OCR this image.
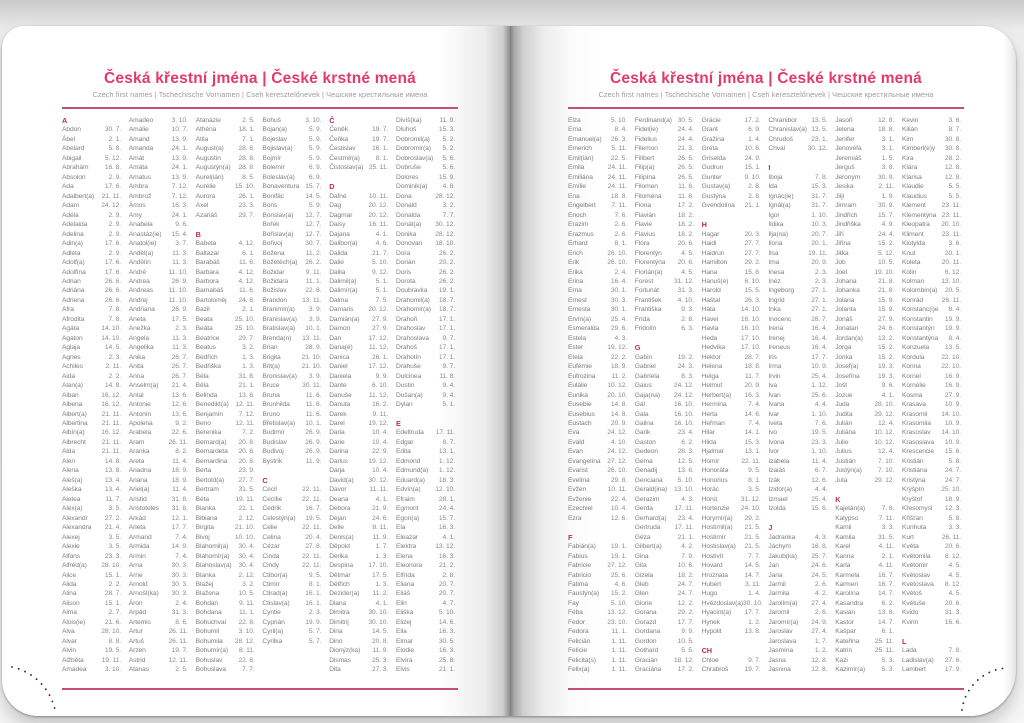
Česká křestní jména | České krstné mená
Czech first names | Tschechische Vornamen | Cseh keresztelőnevek | Чешские крестильные имена
A
Abdon	30. 7.
Ábel	2. 1.
Abelard	5. 8.
Abigail	5. 12.
Abrahám 16. 8.
Absolon	2. 9.
Ada	17. 6.
Adalbert(a) 21. 11.
Adam	24. 12.
Adéla	2. 9.
Adelaida	2. 9.
Adelina	2. 9.
Adin(a)	17. 6.
Adléta	2. 9.
Adolf(a)	17. 6.
Adolfína	17. 6.
Adrian	26. 6.
Adriána	26. 6.
Adriena	26. 6.
Afra	7. 8.
Afrodita	7. 8.
Agáta	14. 10.
Agaton	14. 10.
Aglaja	14. 5.
Agnes	2. 3.
Achiles	2. 11.
Aida	2. 2.
Alan(a)	14. 8.
Alban	16. 12.
Albena	16. 12.
Albert(a) 21. 11.
Albertina 21. 11.
Albín(a) 16. 12.
Albrecht 21. 11.
Alda	21. 11.
Alen	14. 8.
Alena	13. 8.
Aleš(a)	13. 4.
Aleška	13. 4.
Aletea	11. 7.
Alex(a)	3. 5.
Alexandr	27. 2.
Alexandra 21. 4.
Alexej	3. 5.
Alexie	3. 5.
Alfons	23. 3.
Alfréd(a) 28. 10.
Alice	15. 1.
Alida	2. 2.
Alina	28. 7.
Alison	15. 1.
Alma	2. 7.
Alois(ie)	21. 6.
Alva	28. 10.
Alvar	8. 8.
Alvin	19. 5.
Alžběta	19. 11.
Amadea	3. 10.
Amadeo	3. 10.
Amálie	10. 7.
Amand	13. 9.
Amanda	24. 1.
Amát	13. 9.
Amáta	24. 1.
Amatus	13. 9.
Ambra	7. 12.
Ambrož	7. 12.
Ámos	16. 3.
Amy	24. 1.
Anabela	9. 6.
Anastáz(ie) 15. 4.
Anatol(ie)	3. 7.
Anděl(a)	11. 3.
Andělín	11. 3.
André	11. 10.
Andrea	26. 9.
Andreas 11. 10.
Andrej	11. 10.
Andriana	26. 9.
Aneta	17. 5.
Anežka	2. 3.
Angela	11. 3.
Angelika	11. 3.
Anika	26. 7.
Anita	26. 7.
Anna	26. 7.
Anselm(a) 21. 4.
Antal	13. 6.
Antonie	12. 6.
Antonín	13. 6.
Apolena	9. 2.
Arabela	22. 6.
Aram	26. 11.
Aranka	8. 2.
Areta	11. 4.
Ariadna	18. 9.
Ariana	18. 9.
Ariel(a)	11. 4.
Aristid	31. 8.
Aristoteles 31. 8.
Arkád	12. 1.
Arleta	17. 7.
Armand	7. 4.
Armida	14. 9.
Armin	7. 4.
Arna	30. 3.
Arne	30. 3.
Arnold	30. 3.
Arnošt(ka) 30. 3.
Áron	2. 4.
Arpád	31. 3.
Artemis	8. 6.
Artur	26. 11.
Artuš	26. 11.
Arzen	19. 7.
Astrid	12. 11.
Atanas	2. 5.
Atanázie	2. 5.
Athéna	18. 1.
Atila	7. 1.
August(a) 28. 8.
Augustin	28. 8.
Augustýn(a) 28. 8.
Aurel(ián)	8. 5.
Aurélie	15. 10.
Aurora	26. 1.
Axel	23. 3.
Azariáš	29. 7.
B
Babeta	4. 12.
Baltazar	6. 1.
Barabáš	11. 6.
Barbara	4. 12.
Barbora	4. 12.
Barnabáš 11. 6.
Bartoloměj 24. 8.
Bazil	2. 1.
Beata	25. 10.
Beáta	25. 10.
Beatrice	29. 7.
Beatus	3. 2.
Bedřich	1. 3.
Bedřiška	1. 3.
Béla	31. 8.
Běla	21. 1.
Belinda	13. 8.
Benedikt(a) 12. 11.
Benjamín 7. 12.
Beno	12. 11.
Berenika	7. 2.
Bernard(a) 20. 8.
Bernardeta 20. 8.
Bernardina 20. 8.
Berta	23. 9.
Bertold(a) 27. 7.
Bertram	31. 5.
Běta	19. 11.
Bianka	21. 1.
Bibiana	2. 12.
Birgita	21. 10.
Bivoj	10. 10.
Blahomil(a) 30. 4.
Blahomír(a) 30. 4.
Blahoslav(a) 30. 4.
Blanka	2. 12.
Blažej	3. 2.
Blažena	10. 5.
Bohdan	9. 11.
Bohdana	11. 1.
Bohuchval 22. 8.
Bohumil	3. 10.
Bohumila 28. 12.
Bohumír(a) 8. 11.
Bohuslav 22. 8.
Bohuslava 7. 7.
Bohuš	3. 10.
Bojan(a)	5. 9.
Bojeslav	5. 9.
Bojislav(a) 5. 9.
Bojmír	5. 9.
Bolemír	6. 9.
Boleslav(a) 6. 9.
Bonaventura 15. 7.
Bonifác	14. 5.
Boris	5. 9.
Borislav(a) 12. 7.
Bořek	12. 7.
Bořislav(a) 12. 7.
Bořivoj	30. 7.
Božena	11. 2.
Božetěch(a) 26. 2.
Božidar	9. 11.
Božidara	11. 1.
Božislav	22. 8.
Brandon 13. 11.
Branimír(a) 3. 9.
Branislav(a) 3. 9.
Bratislav(a) 10. 1.
Brenda(n) 13. 11.
Brian	28. 9.
Brigita	21. 10.
Brit(a)	21. 10.
Bronislav(a) 3. 9.
Bruce	30. 11.
Bruna	11. 6.
Brunhilda 11. 6.
Bruno	11. 6.
Břetislav(a) 10. 1.
Budimír	26. 9.
Budislav	26. 9.
Budivoj	26. 9.
Bystrík	11. 9.
C
Cecil	22. 11.
Cecílie	22. 11.
Cedrik	16. 7.
Celestýn(a) 19. 5.
Celie	22. 11.
Celina	20. 4.
Cézar	27. 8.
Cinda	22. 11.
Cindy	22. 11.
Ctibor(a)	9. 5.
Ctimír	8. 1.
Ctirad(a)	16. 1.
Ctislav(a) 16. 1.
Cyntie	2. 3.
Cyprián	19. 9.
Cyril(a)	5. 7.
Cyrilka	5. 7.
Č
Čeněk	19. 7.
Čeňka	19. 7.
Čestislav 16. 1.
Čestmír(a) 8. 1.
Čistoslav(a) 25. 11.
D
Dafné	10. 11.
Dag	20. 12.
Dagmar 20. 12.
Daisy	16. 11.
Dajana	4. 1.
Dalibor(a)	4. 6.
Dalida	21. 7.
Dalie	5. 10.
Dalila	9. 12.
Dalimil(a)	5. 1.
Dalimír(a)	5. 1.
Dalma	7. 5.
Damaris 20. 12.
Damián(a) 27. 9.
Damon	27. 9.
Dan	17. 12.
Dana(é) 11. 12.
Danica	26. 1.
Daniel	17. 12.
Daniela	9. 9.
Dante	6. 10.
Danuše	11. 12.
Danuta	16. 2.
Darek	9. 11.
Darel	19. 12.
Daria	10. 4.
Darie	10. 4.
Darina	22. 9.
Darius	19. 12.
Darja	10. 4.
David(a) 30. 12.
Davor	11. 11.
Deana	4. 1.
Debora	21. 9.
Dejan	24. 6.
Delie	8. 11.
Denis(a)	11. 9.
Děpold	1. 7.
Derika	1. 3.
Despina 17. 10.
Dětmar	17. 5.
Dětřich	1. 3.
Dezider(a) 11. 2.
Diana	4. 1.
Dimitra	30. 10.
Dimitrij	30. 10.
Dina	14. 5.
Dino	20. 8.
Dionýz(ka) 11. 9.
Dismas	25. 3.
Dita	27. 3.
Divíš(ka)	11. 9.
Dluhoš	15. 3.
Dobromil(a) 5. 2.
Dobromír(a) 5. 2.
Dobroslav(a) 5. 6.
Dobruše	5. 6.
Dolores	15. 9.
Dominik(a) 4. 8.
Dona	28. 12.
Donald	3. 2.
Donalda	7. 7.
Donát(a) 30. 12.
Donika	28. 12.
Donovan 18. 10.
Dora	26. 2.
Dorián	20. 2.
Doris	26. 2.
Dorota	26. 2.
Doubravka 19. 1.
Drahomil(a) 18. 7.
Drahomír(a) 18. 7.
Drahoň	17. 1.
Drahoslav 17. 1.
Drahoslava 9. 7.
Drahoš	17. 1.
Drahotín	17. 1.
Drahuše	9. 7.
Dulcinea	11. 8.
Dustin	9. 4.
Dušan(a)	9. 4.
Dylan	5. 1.
E
Edeltruda 17. 11.
Edgar	8. 7.
Edita	13. 1.
Edmond	1. 12.
Edmund(a) 1. 12.
Eduard(a) 18. 3.
Edvín(a) 12. 10.
Efraim	28. 1.
Egmont	24. 4.
Egon(a)	15. 7.
Ela	16. 3.
Eleazar	4. 1.
Elektra	13. 12.
Elena	16. 3.
Eleonora	21. 2.
Elfrída	2. 8.
Eliana	20. 7.
Eliáš	20. 7.
Elin	4. 7.
Eliška	5. 10.
Elizej	14. 6.
Ella	16. 3.
Elmar	30. 5.
Elodie	16. 3.
Elvíra	25. 8.
Elvis	21. 1.
Česká křestní jména | České krstné mená
Czech first names | Tschechische Vornamen | Cseh keresztelőnevek | Чешские крестильные имена
Elza	5. 10.
Ema	8. 4.
Emanuel(a) 26. 3.
Emerich	5. 11.
Emil(ián)	22. 5.
Emila	24. 11.
Emiliána 24. 11.
Emílie	24. 11.
Ena	18. 8.
Engelbert 7. 11.
Enoch	7. 6.
Erazim	2. 6.
Erazmus	2. 6.
Erhard	8. 1.
Erich	26. 10.
Erik	26. 10.
Erika	2. 4.
Erina	16. 4.
Erna	30. 1.
Ernest	30. 3.
Ernesta	30. 1.
Ervín(a)	25. 4.
Esmeralda 29. 6.
Estela	4. 3.
Ester	19. 12.
Etela	22. 2.
Eufémie	18. 9.
Eufrozina 11. 2.
Eulálie	10. 12.
Eunika	20. 10.
Eusebie	14. 8.
Eusebius 14. 8.
Eustach	20. 9.
Eva	24. 12.
Evald	4. 10.
Evan	24. 12.
Evangelína 27. 12.
Evarist	26. 10.
Evelína	29. 8.
Evžen	10. 11.
Evženie	22. 4.
Ezechiel	10. 4.
Ezra	12. 6.
F
Fabián(a) 19. 1.
Fabius	19. 1.
Fabricie 27. 12.
Fabricio	25. 6.
Fatima	4. 6.
Faustýn(a) 15. 2.
Fay	5. 10.
Féba	13. 12.
Fedor	23. 10.
Fedora	11. 1.
Felicián	1. 11.
Felície	1. 11.
Felicita(s) 1. 11.
Felix(a)	1. 11.
Ferdinand(a) 30. 5.
Fidel(ie)	24. 4.
Fidelius	24. 4.
Filemon	21. 3.
Filibert	26. 5.
Filip(a)	26. 5.
Filipína	26. 5.
Filomen	11. 8.
Filoména 11. 8.
Fiona	17. 2.
Flavián	18. 2.
Flavie	18. 2.
Flavius	18. 2.
Flóra	20. 6.
Florentýn	4. 5.
Florentýna 20. 6.
Florián(a)	4. 5.
Forest	31. 12.
Fortunát	31. 3.
František 4. 10.
Františka	9. 3.
Frída	2. 8.
Fridolín	6. 3.
G
Gabin	19. 2.
Gabriel	24. 3.
Gabriela	8. 3.
Gaius	24. 12.
Gaja(na) 24. 12.
Gál	16. 10.
Gala	16. 10.
Galina	16. 10.
Garik	23. 4.
Gaston	6. 2.
Gedeon	28. 3.
Gema	12. 5.
Genadij	13. 6.
Genciana 5. 10.
Gerald(ina) 13. 10.
Gerazim	4. 3.
Gerda	17. 11.
Gerhard(a) 23. 4.
Gertruda 17. 11.
Géza	21. 1.
Gilbert(a)	4. 2.
Gina	7. 9.
Gita	10. 6.
Gizela	18. 2.
Gleb	24. 7.
Glen	24. 7.
Glorie	12. 2.
Gorana	29. 2.
Gorazd	17. 7.
Gordana	9. 9.
Gordon	10. 5.
Gothard	5. 5.
Gracián 18. 12.
Graciána 17. 2.
Grácie	17. 2.
Grant	6. 9.
Gražina	1. 4.
Gréta	10. 6.
Griselda	24. 9.
Gudrun	15. 1.
Gunter	9. 10.
Gustav(a)	2. 8.
Gustýna	2. 8.
Gvendolína 21. 1.
H
Hagar	20. 3.
Haidi	27. 7.
Haidrun	27. 7.
Hamilton	29. 2.
Hana	15. 8.
Hanuš(e) 6. 10.
Harold	15. 5.
Haštal	26. 3.
Háta	14. 10.
Havel	16. 10.
Havla	16. 10.
Heda	17. 10.
Hedvika 17. 10.
Hektor	28. 7.
Helena	18. 8.
Helga	11. 7.
Helmut	20. 9.
Herbert(a) 16. 3.
Hermína	7. 4.
Herta	14. 6.
Heřman	7. 4.
Hilar	14. 1.
Hilda	15. 3.
Hjalmar	13. 1.
Homír	22. 11.
Honoráta	9. 5.
Honorius	8. 1.
Horác	3. 5.
Horst	31. 12.
Hortenzie 24. 10.
Horymír(a) 29. 2.
Hostimil(a) 21. 5.
Hostimír	21. 5.
Hostislav(a) 21. 5.
Hostivít	7. 7.
Hovard	14. 5.
Hroznata 14. 7.
Hubert	3. 11.
Hugo	1. 4.
Hvězdoslav(a) 30. 10.
Hyacint(a) 17. 7.
Hynek	1. 2.
Hypolit	13. 8.
CH
Chloe	9. 7.
Chrabroš 19. 7.
Chranibor 13. 5.
Chranislav(a) 13. 5.
Chrudoš	23. 1.
Chval	30. 12.
I
Iboja	7. 8.
Ida	15. 3.
Ignác(ie)	31. 7.
Ignát(a)	31. 7.
Igor	1. 10.
Ildika	10. 3.
Ilja(na)	20. 7.
Ilona	20. 1.
Ilsa	19. 11.
Ima	20. 9.
Inesa	2. 3.
Inéz	2. 3.
Ingeborg	27. 1.
Ingrid	27. 1.
Inka	27. 1.
Inocenc	28. 7.
Irena	16. 4.
Irenej	16. 4.
Ireneus	16. 4.
Iris	17. 7.
Irma	10. 9.
Irvin	25. 4.
Iva	1. 12.
Ivan	25. 6.
Ivana	4. 4.
Ivar	1. 10.
Iveta	7. 6.
Ivo	19. 5.
Ivona	23. 3.
Ivor	1. 10.
Izabela	11. 4.
Izaiáš	6. 7.
Izák	12. 6.
Izidor(a)	4. 4.
Izmael	25. 4.
Izolda	15. 6.
J
Jadranka	4. 3.
Jáchym	16. 8.
Jakub(ka) 25. 7.
Jan	24. 6.
Jana	24. 5.
Jarmil	2. 6.
Jarmila	4. 2.
Jarolím(a) 27. 4.
Jaromil	2. 6.
Jaromír(a) 24. 9.
Jaroslav	27. 4.
Jaroslava	1. 7.
Jasmína	1. 2.
Jasna	12. 8.
Jasnina	12. 8.
Jasoň	12. 8.
Jelena	18. 8.
Jenifer	3. 1.
Jenovéfa	3. 1.
Jeremiáš	1. 5.
Jerguš	3. 8.
Jeroným	30. 9.
Jesika	2. 11.
Jiljí	1. 9.
Jimram	30. 9.
Jindřich	15. 7.
Jindřiška	4. 9.
Jiří	24. 4.
Jiřina	15. 2.
Jitka	5. 12.
Job	10. 5.
Joel	19. 10.
Johana	21. 8.
Johanka	21. 8.
Jolana	15. 9.
Jolanta	15. 9.
Jonáš	27. 9.
Jonatan	24. 6.
Jordan(a) 13. 2.
Jorga	15. 2.
Jorika	15. 2.
Josef(a)	19. 3.
Josefína	19. 3.
Jošt	9. 6.
Jozue	4. 1.
Juda	28. 10.
Judita	29. 12.
Julián	12. 4.
Juliána	10. 12.
Julie	10. 12.
Julius	12. 4.
Justián	7. 10.
Justýn(a) 7. 10.
Juta	29. 12.
K
Kajetán(a) 7. 8.
Kalypso	7. 11.
Kamil	3. 3.
Kamila	31. 5.
Karel	4. 11.
Karina	2. 1.
Karla	4. 11.
Karmela	16. 7.
Karmen	16. 7.
Karolína	14. 7.
Kasandra	6. 2.
Kasián	13. 8.
Kastor	14. 7.
Kašpar	6. 1.
Kateřina 25. 11.
Katrin	25. 11.
Kazi	5. 3.
Kazimír(a) 5. 3.
Kevin	3. 6.
Kilián	8. 7.
Kim	30. 8.
Kimberl(e)y 30. 8.
Kira	28. 2.
Klára	12. 8.
Klarisa	12. 8.
Klaudie	5. 5.
Klaudius	5. 5.
Klement 23. 11.
Klementýna 23. 11.
Kleopatra 20. 10.
Kliment	23. 11.
Klotylda	3. 6.
Knut	20. 1.
Koleta	20. 11.
Kolin	6. 12.
Kolman	13. 10.
Kolombín(a) 20. 5.
Konrád	26. 11.
Konstanc(i)e 8. 4.
Konstantin 19. 9.
Konstantýn 19. 9.
Konstantýna 8. 4.
Konzuela 13. 5.
Kordula	22. 10.
Korina	22. 10.
Kornel	16. 9.
Kornélie	16. 9.
Kosma	27. 9.
Krasava	10. 9.
Krasomil 14. 10.
Krasomila 10. 9.
Krasoslav 14. 10.
Krasoslava 10. 9.
Krescencie 15. 6.
Kristián	5. 8.
Kristiána	24. 7.
Kristýna	24. 7.
Kryšpín	25. 10.
Kryštof	18. 9.
Křesomysl 12. 3.
Křišťan	5. 8.
Kunhuta	3. 3.
Kurt	26. 11.
Květa	20. 6.
Květomila 8. 12.
Květomír	4. 5.
Květoslav	4. 5.
Květoslava 8. 12.
Květoš	4. 5.
Květuše	20. 6.
Kvido	31. 3.
Kvirin	16. 6.
L
Lada	7. 8.
Ladislav(a) 27. 6.
Lambert	17. 9.
